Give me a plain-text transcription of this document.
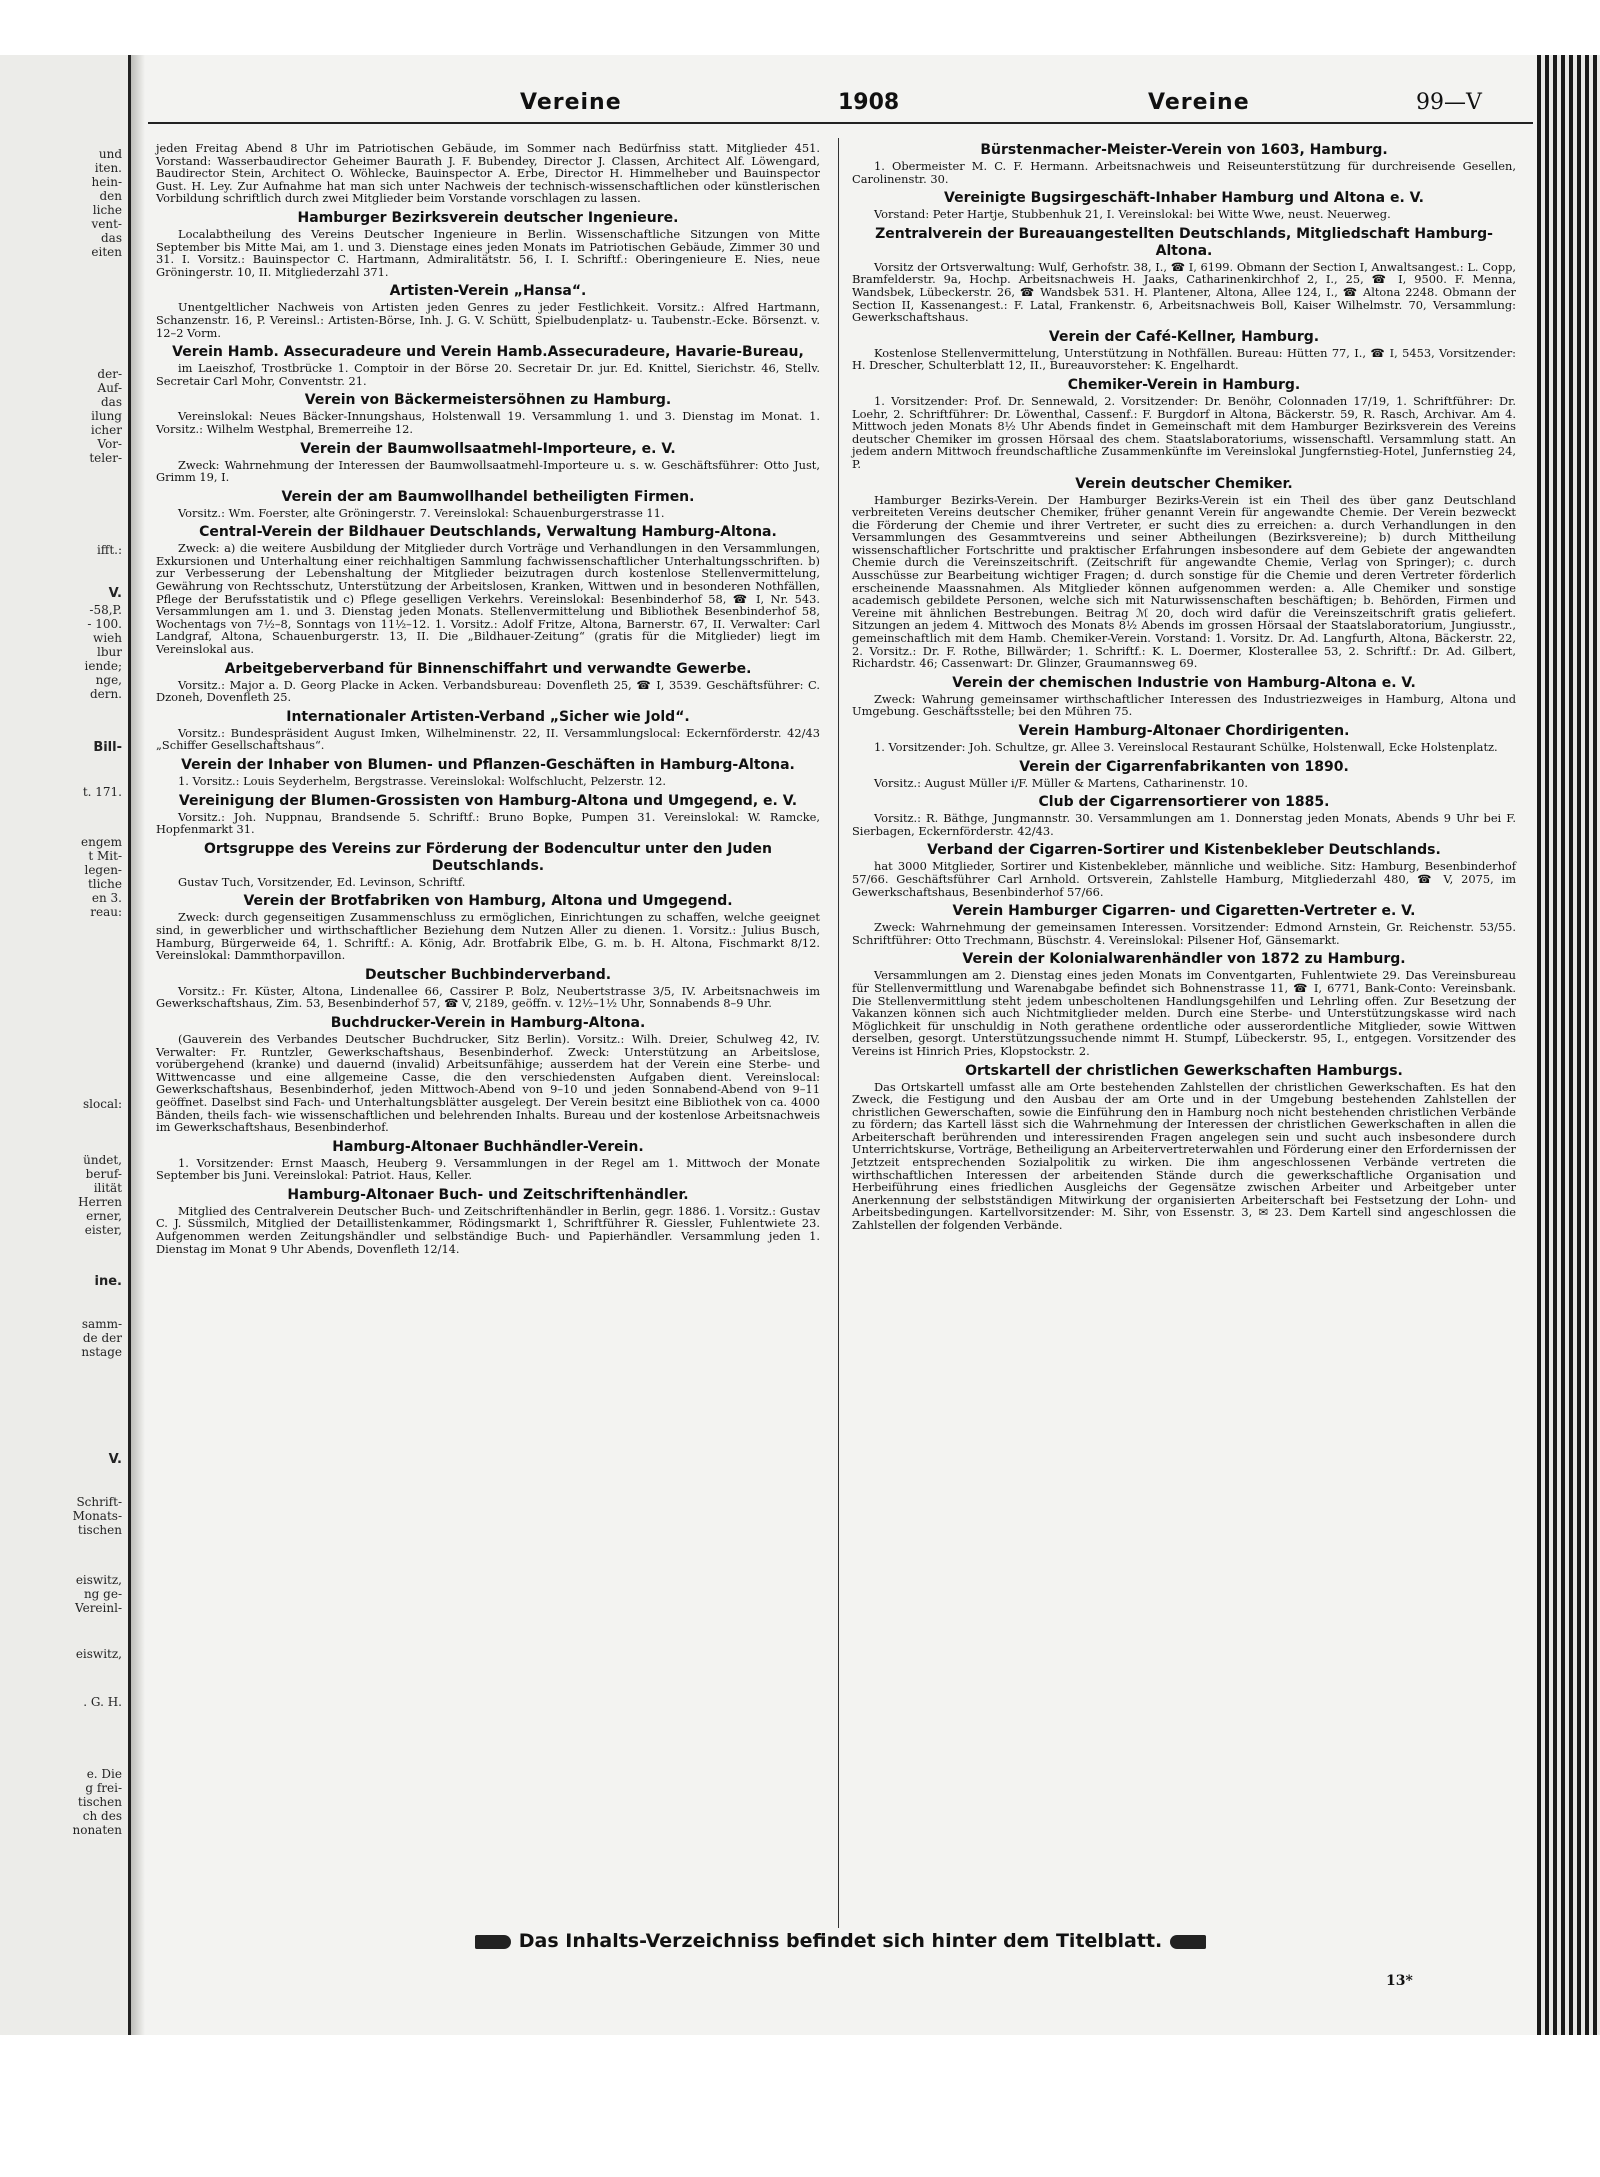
und
iten.
hein-
den
liche
vent-
das
eiten
der-
Auf-
das
ilung
icher
Vor-
teler-
ifft.:
V.
-58,P.
- 100.
wieh
lbur
iende;
nge,
dern.
Bill-
t. 171.
engem
t Mit-
legen-
tliche
en 3.
reau:
slocal:
ündet,
beruf-
ilität
Herren
erner,
eister,
ine.
samm-
de der
nstage
V.
Schrift-
Monats-
tischen
eiswitz,
ng ge-
Vereinl-
eiswitz,
. G. H.
e. Die
g frei-
tischen
ch des
nonaten
Vereine	1908	Vereine	99—V

jeden Freitag Abend 8 Uhr im Patriotischen Gebäude, im Sommer nach Bedürfniss statt. Mitglieder 451. Vorstand: Wasserbaudirector Geheimer Baurath J. F. Bubendey, Director J. Classen, Architect Alf. Löwengard, Baudirector Stein, Architect O. Wöhlecke, Bauinspector A. Erbe, Director H. Himmelheber und Bauinspector Gust. H. Ley. Zur Aufnahme hat man sich unter Nachweis der technisch-wissenschaftlichen oder künstlerischen Vorbildung schriftlich durch zwei Mitglieder beim Vorstande vorschlagen zu lassen.

Hamburger Bezirksverein deutscher Ingenieure.

Localabtheilung des Vereins Deutscher Ingenieure in Berlin. Wissenschaftliche Sitzungen von Mitte September bis Mitte Mai, am 1. und 3. Dienstage eines jeden Monats im Patriotischen Gebäude, Zimmer 30 und 31. I. Vorsitz.: Bauinspector C. Hartmann, Admiralitätstr. 56, I. I. Schriftf.: Oberingenieure E. Nies, neue Gröningerstr. 10, II. Mitgliederzahl 371.

Artisten-Verein „Hansa“.

Unentgeltlicher Nachweis von Artisten jeden Genres zu jeder Festlichkeit. Vorsitz.: Alfred Hartmann, Schanzenstr. 16, P. Vereinsl.: Artisten-Börse, Inh. J. G. V. Schütt, Spielbudenplatz- u. Taubenstr.-Ecke. Börsenzt. v. 12–2 Vorm.

Verein Hamb. Assecuradeure und Verein Hamb.Assecuradeure, Havarie-Bureau,

im Laeiszhof, Trostbrücke 1. Comptoir in der Börse 20. Secretair Dr. jur. Ed. Knittel, Sierichstr. 46, Stellv. Secretair Carl Mohr, Conventstr. 21.

Verein von Bäckermeistersöhnen zu Hamburg.

Vereinslokal: Neues Bäcker-Innungshaus, Holstenwall 19. Versammlung 1. und 3. Dienstag im Monat. 1. Vorsitz.: Wilhelm Westphal, Bremerreihe 12.

Verein der Baumwollsaatmehl-Importeure, e. V.

Zweck: Wahrnehmung der Interessen der Baumwollsaatmehl-Importeure u. s. w. Geschäftsführer: Otto Just, Grimm 19, I.

Verein der am Baumwollhandel betheiligten Firmen.

Vorsitz.: Wm. Foerster, alte Gröningerstr. 7. Vereinslokal: Schauenburgerstrasse 11.

Central-Verein der Bildhauer Deutschlands, Verwaltung Hamburg-Altona.

Zweck: a) die weitere Ausbildung der Mitglieder durch Vorträge und Verhandlungen in den Versammlungen, Exkursionen und Unterhaltung einer reichhaltigen Sammlung fachwissenschaftlicher Unterhaltungsschriften. b) zur Verbesserung der Lebenshaltung der Mitglieder beizutragen durch kostenlose Stellenvermittelung, Gewährung von Rechtsschutz, Unterstützung der Arbeitslosen, Kranken, Wittwen und in besonderen Nothfällen, Pflege der Berufsstatistik und c) Pflege geselligen Verkehrs. Vereinslokal: Besenbinderhof 58, ☎ I, Nr. 543. Versammlungen am 1. und 3. Dienstag jeden Monats. Stellenvermittelung und Bibliothek Besenbinderhof 58, Wochentags von 7½–8, Sonntags von 11½–12. 1. Vorsitz.: Adolf Fritze, Altona, Barnerstr. 67, II. Verwalter: Carl Landgraf, Altona, Schauenburgerstr. 13, II. Die „Bildhauer-Zeitung“ (gratis für die Mitglieder) liegt im Vereinslokal aus.

Arbeitgeberverband für Binnenschiffahrt und verwandte Gewerbe.

Vorsitz.: Major a. D. Georg Placke in Acken. Verbandsbureau: Dovenfleth 25, ☎ I, 3539. Geschäftsführer: C. Dzoneh, Dovenfleth 25.

Internationaler Artisten-Verband „Sicher wie Jold“.

Vorsitz.: Bundespräsident August Imken, Wilhelminenstr. 22, II. Versammlungslocal: Eckernförderstr. 42/43 „Schiffer Gesellschaftshaus“.

Verein der Inhaber von Blumen- und Pflanzen-Geschäften in Hamburg-Altona.

1. Vorsitz.: Louis Seyderhelm, Bergstrasse. Vereinslokal: Wolfschlucht, Pelzerstr. 12.

Vereinigung der Blumen-Grossisten von Hamburg-Altona und Umgegend, e. V.

Vorsitz.: Joh. Nuppnau, Brandsende 5. Schriftf.: Bruno Bopke, Pumpen 31. Vereinslokal: W. Ramcke, Hopfenmarkt 31.

Ortsgruppe des Vereins zur Förderung der Bodencultur unter den Juden Deutschlands.

Gustav Tuch, Vorsitzender, Ed. Levinson, Schriftf.

Verein der Brotfabriken von Hamburg, Altona und Umgegend.

Zweck: durch gegenseitigen Zusammenschluss zu ermöglichen, Einrichtungen zu schaffen, welche geeignet sind, in gewerblicher und wirthschaftlicher Beziehung dem Nutzen Aller zu dienen. 1. Vorsitz.: Julius Busch, Hamburg, Bürgerweide 64, 1. Schriftf.: A. König, Adr. Brotfabrik Elbe, G. m. b. H. Altona, Fischmarkt 8/12. Vereinslokal: Dammthorpavillon.

Deutscher Buchbinderverband.

Vorsitz.: Fr. Küster, Altona, Lindenallee 66, Cassirer P. Bolz, Neubertstrasse 3/5, IV. Arbeitsnachweis im Gewerkschaftshaus, Zim. 53, Besenbinderhof 57, ☎ V, 2189, geöffn. v. 12½–1½ Uhr, Sonnabends 8–9 Uhr.

Buchdrucker-Verein in Hamburg-Altona.

(Gauverein des Verbandes Deutscher Buchdrucker, Sitz Berlin). Vorsitz.: Wilh. Dreier, Schulweg 42, IV. Verwalter: Fr. Runtzler, Gewerkschaftshaus, Besenbinderhof. Zweck: Unterstützung an Arbeitslose, vorübergehend (kranke) und dauernd (invalid) Arbeitsunfähige; ausserdem hat der Verein eine Sterbe- und Wittwencasse und eine allgemeine Casse, die den verschiedensten Aufgaben dient. Vereinslocal: Gewerkschaftshaus, Besenbinderhof, jeden Mittwoch-Abend von 9–10 und jeden Sonnabend-Abend von 9–11 geöffnet. Daselbst sind Fach- und Unterhaltungsblätter ausgelegt. Der Verein besitzt eine Bibliothek von ca. 4000 Bänden, theils fach- wie wissenschaftlichen und belehrenden Inhalts. Bureau und der kostenlose Arbeitsnachweis im Gewerkschaftshaus, Besenbinderhof.

Hamburg-Altonaer Buchhändler-Verein.

1. Vorsitzender: Ernst Maasch, Heuberg 9. Versammlungen in der Regel am 1. Mittwoch der Monate September bis Juni. Vereinslokal: Patriot. Haus, Keller.

Hamburg-Altonaer Buch- und Zeitschriftenhändler.

Mitglied des Centralverein Deutscher Buch- und Zeitschriftenhändler in Berlin, gegr. 1886. 1. Vorsitz.: Gustav C. J. Süssmilch, Mitglied der Detaillistenkammer, Rödingsmarkt 1, Schriftführer R. Giessler, Fuhlentwiete 23. Aufgenommen werden Zeitungshändler und selbständige Buch- und Papierhändler. Versammlung jeden 1. Dienstag im Monat 9 Uhr Abends, Dovenfleth 12/14.

Bürstenmacher-Meister-Verein von 1603, Hamburg.

1. Obermeister M. C. F. Hermann. Arbeitsnachweis und Reiseunterstützung für durchreisende Gesellen, Carolinenstr. 30.

Vereinigte Bugsirgeschäft-Inhaber Hamburg und Altona e. V.

Vorstand: Peter Hartje, Stubbenhuk 21, I. Vereinslokal: bei Witte Wwe, neust. Neuerweg.

Zentralverein der Bureauangestellten Deutschlands, Mitgliedschaft Hamburg-Altona.

Vorsitz der Ortsverwaltung: Wulf, Gerhofstr. 38, I., ☎ I, 6199. Obmann der Section I, Anwaltsangest.: L. Copp, Bramfelderstr. 9a, Hochp. Arbeitsnachweis H. Jaaks, Catharinenkirchhof 2, I., 25, ☎ I, 9500. F. Menna, Wandsbek, Lübeckerstr. 26, ☎ Wandsbek 531. H. Plantener, Altona, Allee 124, I., ☎ Altona 2248. Obmann der Section II, Kassenangest.: F. Latal, Frankenstr. 6, Arbeitsnachweis Boll, Kaiser Wilhelmstr. 70, Versammlung: Gewerkschaftshaus.

Verein der Café-Kellner, Hamburg.

Kostenlose Stellenvermittelung, Unterstützung in Nothfällen. Bureau: Hütten 77, I., ☎ I, 5453, Vorsitzender: H. Drescher, Schulterblatt 12, II., Bureauvorsteher: K. Engelhardt.

Chemiker-Verein in Hamburg.

1. Vorsitzender: Prof. Dr. Sennewald, 2. Vorsitzender: Dr. Benöhr, Colonnaden 17/19, 1. Schriftführer: Dr. Loehr, 2. Schriftführer: Dr. Löwenthal, Cassenf.: F. Burgdorf in Altona, Bäckerstr. 59, R. Rasch, Archivar. Am 4. Mittwoch jeden Monats 8½ Uhr Abends findet in Gemeinschaft mit dem Hamburger Bezirksverein des Vereins deutscher Chemiker im grossen Hörsaal des chem. Staatslaboratoriums, wissenschaftl. Versammlung statt. An jedem andern Mittwoch freundschaftliche Zusammenkünfte im Vereinslokal Jungfernstieg-Hotel, Junfernstieg 24, P.

Verein deutscher Chemiker.

Hamburger Bezirks-Verein. Der Hamburger Bezirks-Verein ist ein Theil des über ganz Deutschland verbreiteten Vereins deutscher Chemiker, früher genannt Verein für angewandte Chemie. Der Verein bezweckt die Förderung der Chemie und ihrer Vertreter, er sucht dies zu erreichen: a. durch Verhandlungen in den Versammlungen des Gesammtvereins und seiner Abtheilungen (Bezirksvereine); b) durch Mittheilung wissenschaftlicher Fortschritte und praktischer Erfahrungen insbesondere auf dem Gebiete der angewandten Chemie durch die Vereinszeitschrift. (Zeitschrift für angewandte Chemie, Verlag von Springer); c. durch Ausschüsse zur Bearbeitung wichtiger Fragen; d. durch sonstige für die Chemie und deren Vertreter förderlich erscheinende Maassnahmen. Als Mitglieder können aufgenommen werden: a. Alle Chemiker und sonstige academisch gebildete Personen, welche sich mit Naturwissenschaften beschäftigen; b. Behörden, Firmen und Vereine mit ähnlichen Bestrebungen. Beitrag ℳ 20, doch wird dafür die Vereinszeitschrift gratis geliefert. Sitzungen an jedem 4. Mittwoch des Monats 8½ Abends im grossen Hörsaal der Staatslaboratorium, Jungiusstr., gemeinschaftlich mit dem Hamb. Chemiker-Verein. Vorstand: 1. Vorsitz. Dr. Ad. Langfurth, Altona, Bäckerstr. 22, 2. Vorsitz.: Dr. F. Rothe, Billwärder; 1. Schriftf.: K. L. Doermer, Klosterallee 53, 2. Schriftf.: Dr. Ad. Gilbert, Richardstr. 46; Cassenwart: Dr. Glinzer, Graumannsweg 69.

Verein der chemischen Industrie von Hamburg-Altona e. V.

Zweck: Wahrung gemeinsamer wirthschaftlicher Interessen des Industriezweiges in Hamburg, Altona und Umgebung. Geschäftsstelle; bei den Mühren 75.

Verein Hamburg-Altonaer Chordirigenten.

1. Vorsitzender: Joh. Schultze, gr. Allee 3. Vereinslocal Restaurant Schülke, Holstenwall, Ecke Holstenplatz.

Verein der Cigarrenfabrikanten von 1890.

Vorsitz.: August Müller i/F. Müller & Martens, Catharinenstr. 10.

Club der Cigarrensortierer von 1885.

Vorsitz.: R. Bäthge, Jungmannstr. 30. Versammlungen am 1. Donnerstag jeden Monats, Abends 9 Uhr bei F. Sierbagen, Eckernförderstr. 42/43.

Verband der Cigarren-Sortirer und Kistenbekleber Deutschlands.

hat 3000 Mitglieder, Sortirer und Kistenbekleber, männliche und weibliche. Sitz: Hamburg, Besenbinderhof 57/66. Geschäftsführer Carl Arnhold. Ortsverein, Zahlstelle Hamburg, Mitgliederzahl 480, ☎ V, 2075, im Gewerkschaftshaus, Besenbinderhof 57/66.

Verein Hamburger Cigarren- und Cigaretten-Vertreter e. V.

Zweck: Wahrnehmung der gemeinsamen Interessen. Vorsitzender: Edmond Arnstein, Gr. Reichenstr. 53/55. Schriftführer: Otto Trechmann, Büschstr. 4. Vereinslokal: Pilsener Hof, Gänsemarkt.

Verein der Kolonialwarenhändler von 1872 zu Hamburg.

Versammlungen am 2. Dienstag eines jeden Monats im Conventgarten, Fuhlentwiete 29. Das Vereinsbureau für Stellenvermittlung und Warenabgabe befindet sich Bohnenstrasse 11, ☎ I, 6771, Bank-Conto: Vereinsbank. Die Stellenvermittlung steht jedem unbescholtenen Handlungsgehilfen und Lehrling offen. Zur Besetzung der Vakanzen können sich auch Nichtmitglieder melden. Durch eine Sterbe- und Unterstützungskasse wird nach Möglichkeit für unschuldig in Noth gerathene ordentliche oder ausserordentliche Mitglieder, sowie Wittwen derselben, gesorgt. Unterstützungssuchende nimmt H. Stumpf, Lübeckerstr. 95, I., entgegen. Vorsitzender des Vereins ist Hinrich Pries, Klopstockstr. 2.

Ortskartell der christlichen Gewerkschaften Hamburgs.

Das Ortskartell umfasst alle am Orte bestehenden Zahlstellen der christlichen Gewerkschaften. Es hat den Zweck, die Festigung und den Ausbau der am Orte und in der Umgebung bestehenden Zahlstellen der christlichen Gewerschaften, sowie die Einführung den in Hamburg noch nicht bestehenden christlichen Verbände zu fördern; das Kartell lässt sich die Wahrnehmung der Interessen der christlichen Gewerkschaften in allen die Arbeiterschaft berührenden und interessirenden Fragen angelegen sein und sucht auch insbesondere durch Unterrichtskurse, Vorträge, Betheiligung an Arbeitervertreterwahlen und Förderung einer den Erfordernissen der Jetztzeit entsprechenden Sozialpolitik zu wirken. Die ihm angeschlossenen Verbände vertreten die wirthschaftlichen Interessen der arbeitenden Stände durch die gewerkschaftliche Organisation und Herbeiführung eines friedlichen Ausgleichs der Gegensätze zwischen Arbeiter und Arbeitgeber unter Anerkennung der selbstständigen Mitwirkung der organisierten Arbeiterschaft bei Festsetzung der Lohn- und Arbeitsbedingungen. Kartellvorsitzender: M. Sihr, von Essenstr. 3, ✉ 23. Dem Kartell sind angeschlossen die Zahlstellen der folgenden Verbände.

Das Inhalts-Verzeichniss befindet sich hinter dem Titelblatt.
13*
